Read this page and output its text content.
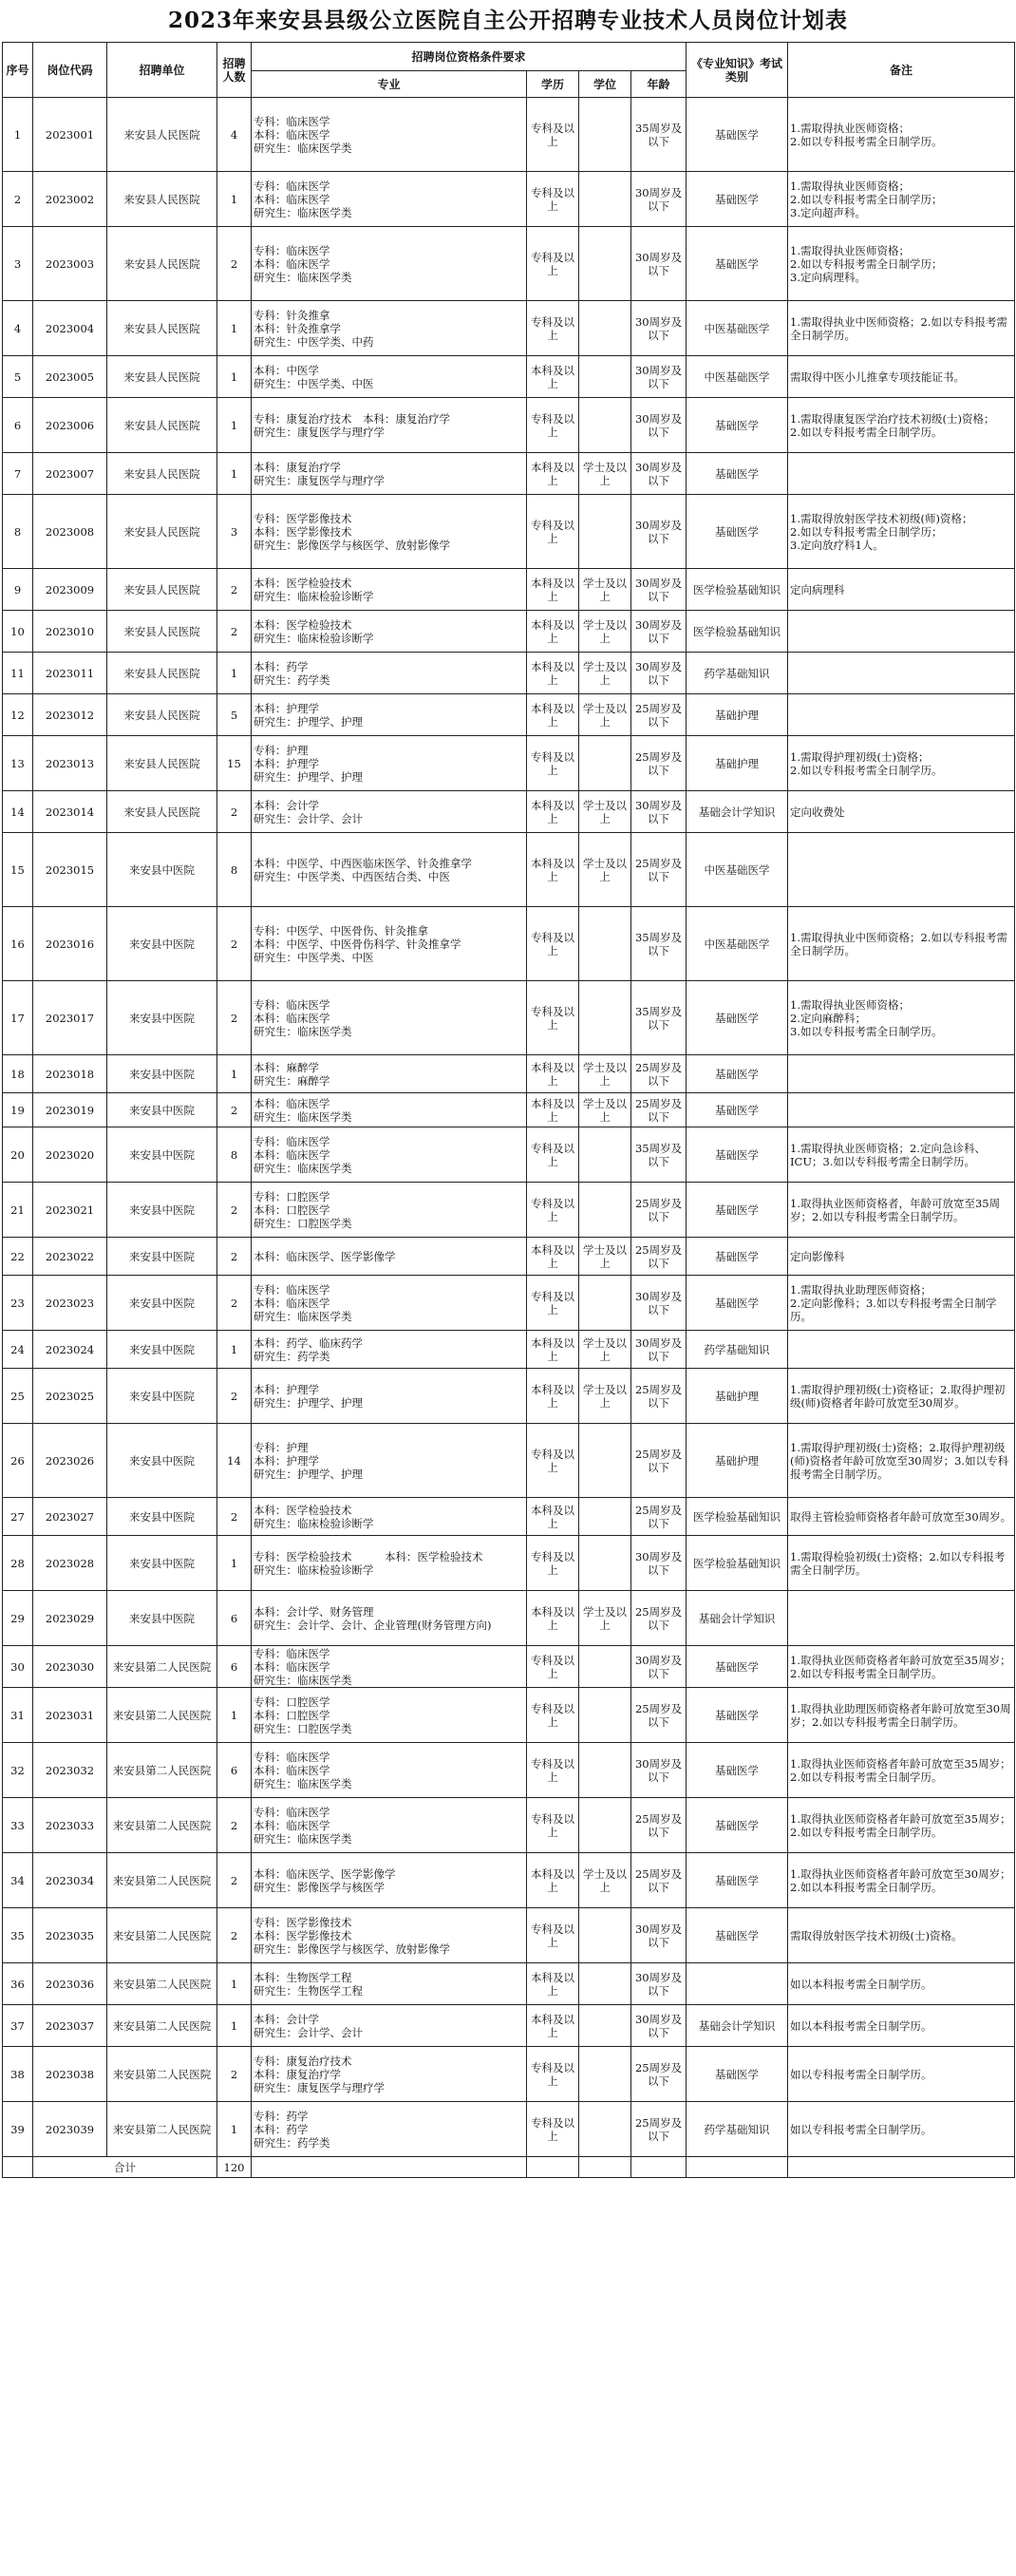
2023年来安县县级公立医院自主公开招聘专业技术人员岗位计划表
序号	岗位代码	招聘单位	招聘人数	招聘岗位资格条件要求				《专业知识》考试类别	备注
				专业	学历	学位	年龄		
1	2023001	来安县人民医院	4	专科：临床医学
本科：临床医学
研究生：临床医学类	专科及以上		35周岁及以下	基础医学	1.需取得执业医师资格；
2.如以专科报考需全日制学历。
2	2023002	来安县人民医院	1	专科：临床医学
本科：临床医学
研究生：临床医学类	专科及以上		30周岁及以下	基础医学	1.需取得执业医师资格；
2.如以专科报考需全日制学历；
3.定向超声科。
3	2023003	来安县人民医院	2	专科：临床医学
本科：临床医学
研究生：临床医学类	专科及以上		30周岁及以下	基础医学	1.需取得执业医师资格；
2.如以专科报考需全日制学历；
3.定向病理科。
4	2023004	来安县人民医院	1	专科：针灸推拿
本科：针灸推拿学
研究生：中医学类、中药	专科及以上		30周岁及以下	中医基础医学	1.需取得执业中医师资格；2.如以专科报考需全日制学历。
5	2023005	来安县人民医院	1	本科：中医学
研究生：中医学类、中医	本科及以上		30周岁及以下	中医基础医学	需取得中医小儿推拿专项技能证书。
6	2023006	来安县人民医院	1	专科：康复治疗技术　本科：康复治疗学
研究生：康复医学与理疗学	专科及以上		30周岁及以下	基础医学	1.需取得康复医学治疗技术初级(士)资格；
2.如以专科报考需全日制学历。
7	2023007	来安县人民医院	1	本科：康复治疗学
研究生：康复医学与理疗学	本科及以上	学士及以上	30周岁及以下	基础医学	
8	2023008	来安县人民医院	3	专科：医学影像技术
本科：医学影像技术
研究生：影像医学与核医学、放射影像学	专科及以上		30周岁及以下	基础医学	1.需取得放射医学技术初级(师)资格；
2.如以专科报考需全日制学历；
3.定向放疗科1人。
9	2023009	来安县人民医院	2	本科：医学检验技术
研究生：临床检验诊断学	本科及以上	学士及以上	30周岁及以下	医学检验基础知识	定向病理科
10	2023010	来安县人民医院	2	本科：医学检验技术
研究生：临床检验诊断学	本科及以上	学士及以上	30周岁及以下	医学检验基础知识	
11	2023011	来安县人民医院	1	本科：药学
研究生：药学类	本科及以上	学士及以上	30周岁及以下	药学基础知识	
12	2023012	来安县人民医院	5	本科：护理学
研究生：护理学、护理	本科及以上	学士及以上	25周岁及以下	基础护理	
13	2023013	来安县人民医院	15	专科：护理
本科：护理学
研究生：护理学、护理	专科及以上		25周岁及以下	基础护理	1.需取得护理初级(士)资格；
2.如以专科报考需全日制学历。
14	2023014	来安县人民医院	2	本科：会计学
研究生：会计学、会计	本科及以上	学士及以上	30周岁及以下	基础会计学知识	定向收费处
15	2023015	来安县中医院	8	本科：中医学、中西医临床医学、针灸推拿学
研究生：中医学类、中西医结合类、中医	本科及以上	学士及以上	25周岁及以下	中医基础医学	
16	2023016	来安县中医院	2	专科：中医学、中医骨伤、针灸推拿
本科：中医学、中医骨伤科学、针灸推拿学
研究生：中医学类、中医	专科及以上		35周岁及以下	中医基础医学	1.需取得执业中医师资格；2.如以专科报考需全日制学历。
17	2023017	来安县中医院	2	专科：临床医学
本科：临床医学
研究生：临床医学类	专科及以上		35周岁及以下	基础医学	1.需取得执业医师资格；
2.定向麻醉科；
3.如以专科报考需全日制学历。
18	2023018	来安县中医院	1	本科：麻醉学
研究生：麻醉学	本科及以上	学士及以上	25周岁及以下	基础医学	
19	2023019	来安县中医院	2	本科：临床医学
研究生：临床医学类	本科及以上	学士及以上	25周岁及以下	基础医学	
20	2023020	来安县中医院	8	专科：临床医学
本科：临床医学
研究生：临床医学类	专科及以上		35周岁及以下	基础医学	1.需取得执业医师资格；2.定向急诊科、ICU；3.如以专科报考需全日制学历。
21	2023021	来安县中医院	2	专科：口腔医学
本科：口腔医学
研究生：口腔医学类	专科及以上		25周岁及以下	基础医学	1.取得执业医师资格者，年龄可放宽至35周岁；2.如以专科报考需全日制学历。
22	2023022	来安县中医院	2	本科：临床医学、医学影像学	本科及以上	学士及以上	25周岁及以下	基础医学	定向影像科
23	2023023	来安县中医院	2	专科：临床医学
本科：临床医学
研究生：临床医学类	专科及以上		30周岁及以下	基础医学	1.需取得执业助理医师资格；
2.定向影像科；3.如以专科报考需全日制学历。
24	2023024	来安县中医院	1	本科：药学、临床药学
研究生：药学类	本科及以上	学士及以上	30周岁及以下	药学基础知识	
25	2023025	来安县中医院	2	本科：护理学
研究生：护理学、护理	本科及以上	学士及以上	25周岁及以下	基础护理	1.需取得护理初级(士)资格证；2.取得护理初级(师)资格者年龄可放宽至30周岁。
26	2023026	来安县中医院	14	专科：护理
本科：护理学
研究生：护理学、护理	专科及以上		25周岁及以下	基础护理	1.需取得护理初级(士)资格；2.取得护理初级(师)资格者年龄可放宽至30周岁；3.如以专科报考需全日制学历。
27	2023027	来安县中医院	2	本科：医学检验技术
研究生：临床检验诊断学	本科及以上		25周岁及以下	医学检验基础知识	取得主管检验师资格者年龄可放宽至30周岁。
28	2023028	来安县中医院	1	专科：医学检验技术　　　本科：医学检验技术　　　研究生：临床检验诊断学	专科及以上		30周岁及以下	医学检验基础知识	1.需取得检验初级(士)资格；2.如以专科报考需全日制学历。
29	2023029	来安县中医院	6	本科：会计学、财务管理
研究生：会计学、会计、企业管理(财务管理方向)	本科及以上	学士及以上	25周岁及以下	基础会计学知识	
30	2023030	来安县第二人民医院	6	专科：临床医学
本科：临床医学
研究生：临床医学类	专科及以上		30周岁及以下	基础医学	1.取得执业医师资格者年龄可放宽至35周岁；2.如以专科报考需全日制学历。
31	2023031	来安县第二人民医院	1	专科：口腔医学
本科：口腔医学
研究生：口腔医学类	专科及以上		25周岁及以下	基础医学	1.取得执业助理医师资格者年龄可放宽至30周岁；2.如以专科报考需全日制学历。
32	2023032	来安县第二人民医院	6	专科：临床医学
本科：临床医学
研究生：临床医学类	专科及以上		30周岁及以下	基础医学	1.取得执业医师资格者年龄可放宽至35周岁；2.如以专科报考需全日制学历。
33	2023033	来安县第二人民医院	2	专科：临床医学
本科：临床医学
研究生：临床医学类	专科及以上		25周岁及以下	基础医学	1.取得执业医师资格者年龄可放宽至35周岁；2.如以专科报考需全日制学历。
34	2023034	来安县第二人民医院	2	本科：临床医学、医学影像学
研究生：影像医学与核医学	本科及以上	学士及以上	25周岁及以下	基础医学	1.取得执业医师资格者年龄可放宽至30周岁；2.如以本科报考需全日制学历。
35	2023035	来安县第二人民医院	2	专科：医学影像技术
本科：医学影像技术
研究生：影像医学与核医学、放射影像学	专科及以上		30周岁及以下	基础医学	需取得放射医学技术初级(士)资格。
36	2023036	来安县第二人民医院	1	本科：生物医学工程
研究生：生物医学工程	本科及以上		30周岁及以下		如以本科报考需全日制学历。
37	2023037	来安县第二人民医院	1	本科：会计学
研究生：会计学、会计	本科及以上		30周岁及以下	基础会计学知识	如以本科报考需全日制学历。
38	2023038	来安县第二人民医院	2	专科：康复治疗技术
本科：康复治疗学
研究生：康复医学与理疗学	专科及以上		25周岁及以下	基础医学	如以专科报考需全日制学历。
39	2023039	来安县第二人民医院	1	专科：药学
本科：药学
研究生：药学类	专科及以上		25周岁及以下	药学基础知识	如以专科报考需全日制学历。
	合计		120						
